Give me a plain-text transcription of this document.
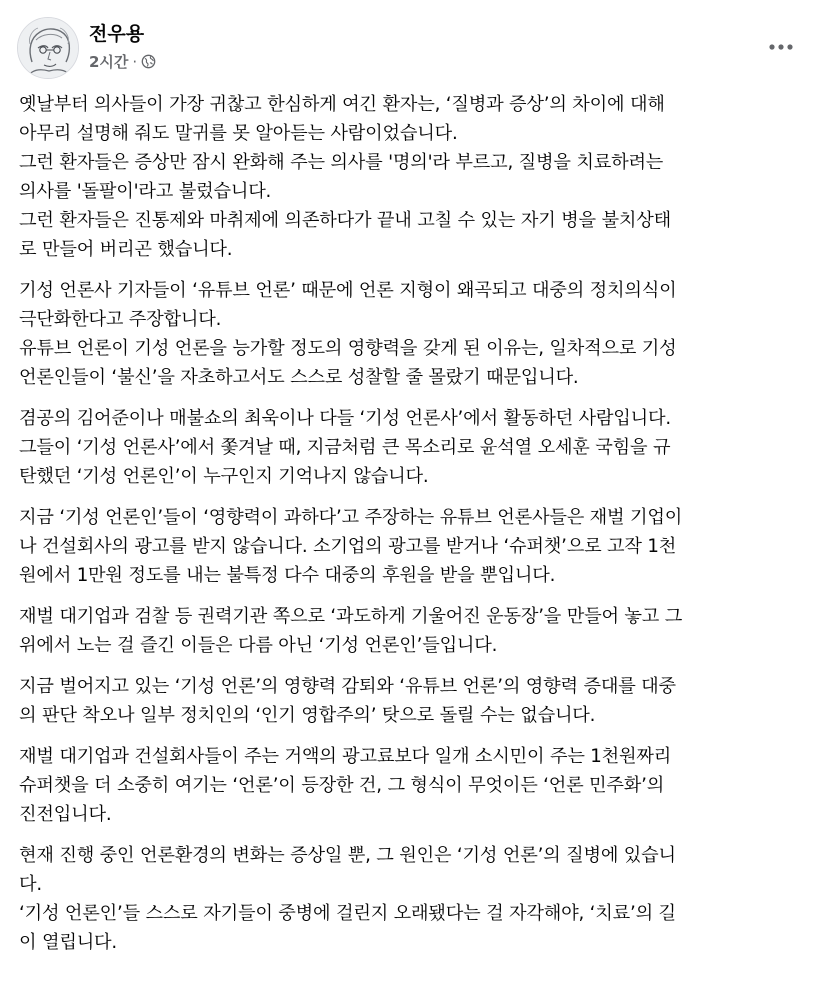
전우용
2시간 ·
옛날부터 의사들이 가장 귀찮고 한심하게 여긴 환자는, ‘질병과 증상’의 차이에 대해
아무리 설명해 줘도 말귀를 못 알아듣는 사람이었습니다.
그런 환자들은 증상만 잠시 완화해 주는 의사를 '명의'라 부르고, 질병을 치료하려는
의사를 '돌팔이'라고 불렀습니다.
그런 환자들은 진통제와 마취제에 의존하다가 끝내 고칠 수 있는 자기 병을 불치상태
로 만들어 버리곤 했습니다.
기성 언론사 기자들이 ‘유튜브 언론’ 때문에 언론 지형이 왜곡되고 대중의 정치의식이
극단화한다고 주장합니다.
유튜브 언론이 기성 언론을 능가할 정도의 영향력을 갖게 된 이유는, 일차적으로 기성
언론인들이 ‘불신’을 자초하고서도 스스로 성찰할 줄 몰랐기 때문입니다.
겸공의 김어준이나 매불쇼의 최욱이나 다들 ‘기성 언론사’에서 활동하던 사람입니다.
그들이 ‘기성 언론사’에서 쫓겨날 때, 지금처럼 큰 목소리로 윤석열 오세훈 국힘을 규
탄했던 ‘기성 언론인’이 누구인지 기억나지 않습니다.
지금 ‘기성 언론인’들이 ‘영향력이 과하다’고 주장하는 유튜브 언론사들은 재벌 기업이
나 건설회사의 광고를 받지 않습니다. 소기업의 광고를 받거나 ‘슈퍼챗’으로 고작 1천
원에서 1만원 정도를 내는 불특정 다수 대중의 후원을 받을 뿐입니다.
재벌 대기업과 검찰 등 권력기관 쪽으로 ‘과도하게 기울어진 운동장’을 만들어 놓고 그
위에서 노는 걸 즐긴 이들은 다름 아닌 ‘기성 언론인’들입니다.
지금 벌어지고 있는 ‘기성 언론’의 영향력 감퇴와 ‘유튜브 언론’의 영향력 증대를 대중
의 판단 착오나 일부 정치인의 ‘인기 영합주의’ 탓으로 돌릴 수는 없습니다.
재벌 대기업과 건설회사들이 주는 거액의 광고료보다 일개 소시민이 주는 1천원짜리
슈퍼챗을 더 소중히 여기는 ‘언론’이 등장한 건, 그 형식이 무엇이든 ‘언론 민주화’의
진전입니다.
현재 진행 중인 언론환경의 변화는 증상일 뿐, 그 원인은 ‘기성 언론’의 질병에 있습니
다.
‘기성 언론인’들 스스로 자기들이 중병에 걸린지 오래됐다는 걸 자각해야, ‘치료’의 길
이 열립니다.
